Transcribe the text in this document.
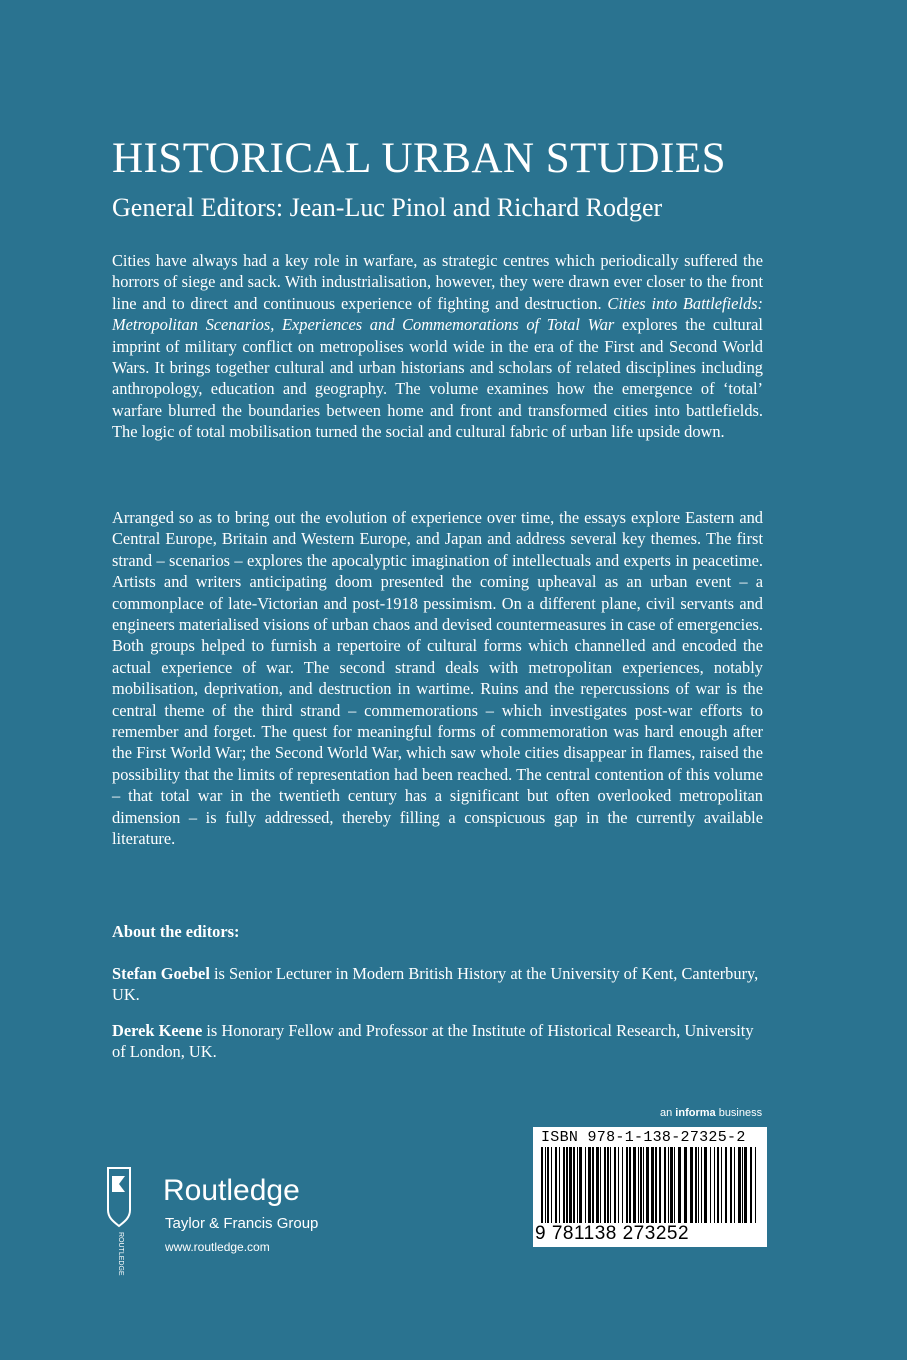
HISTORICAL URBAN STUDIES
General Editors: Jean-Luc Pinol and Richard Rodger

Cities have always had a key role in warfare, as strategic centres which periodically suffered the horrors of siege and sack. With industrialisation, however, they were drawn ever closer to the front line and to direct and continuous experience of fighting and destruction. Cities into Battlefields: Metropolitan Scenarios, Experiences and Commemorations of Total War explores the cultural imprint of military conflict on metropolises world wide in the era of the First and Second World Wars. It brings together cultural and urban historians and scholars of related disciplines including anthropology, education and geography. The volume examines how the emergence of ‘total’ warfare blurred the boundaries between home and front and transformed cities into battlefields. The logic of total mobilisation turned the social and cultural fabric of urban life upside down.

Arranged so as to bring out the evolution of experience over time, the essays explore Eastern and Central Europe, Britain and Western Europe, and Japan and address several key themes. The first strand – scenarios – explores the apocalyptic imagination of intellectuals and experts in peacetime. Artists and writers anticipating doom presented the coming upheaval as an urban event – a commonplace of late-Victorian and post-1918 pessimism. On a different plane, civil servants and engineers materialised visions of urban chaos and devised countermeasures in case of emergencies. Both groups helped to furnish a repertoire of cultural forms which channelled and encoded the actual experience of war. The second strand deals with metropolitan experiences, notably mobilisation, deprivation, and destruction in wartime. Ruins and the repercussions of war is the central theme of the third strand – commemorations – which investigates post-war efforts to remember and forget. The quest for meaningful forms of commemoration was hard enough after the First World War; the Second World War, which saw whole cities disappear in flames, raised the possibility that the limits of representation had been reached. The central contention of this volume – that total war in the twentieth century has a significant but often overlooked metropolitan dimension – is fully addressed, thereby filling a conspicuous gap in the currently available literature.

About the editors:

Stefan Goebel is Senior Lecturer in Modern British History at the University of Kent, Canterbury, UK.

Derek Keene is Honorary Fellow and Professor at the Institute of Historical Research, University of London, UK.

an informa business
ISBN 978-1-138-27325-2
9 781138 273252
ROUTLEDGE
Routledge
Taylor & Francis Group
www.routledge.com
